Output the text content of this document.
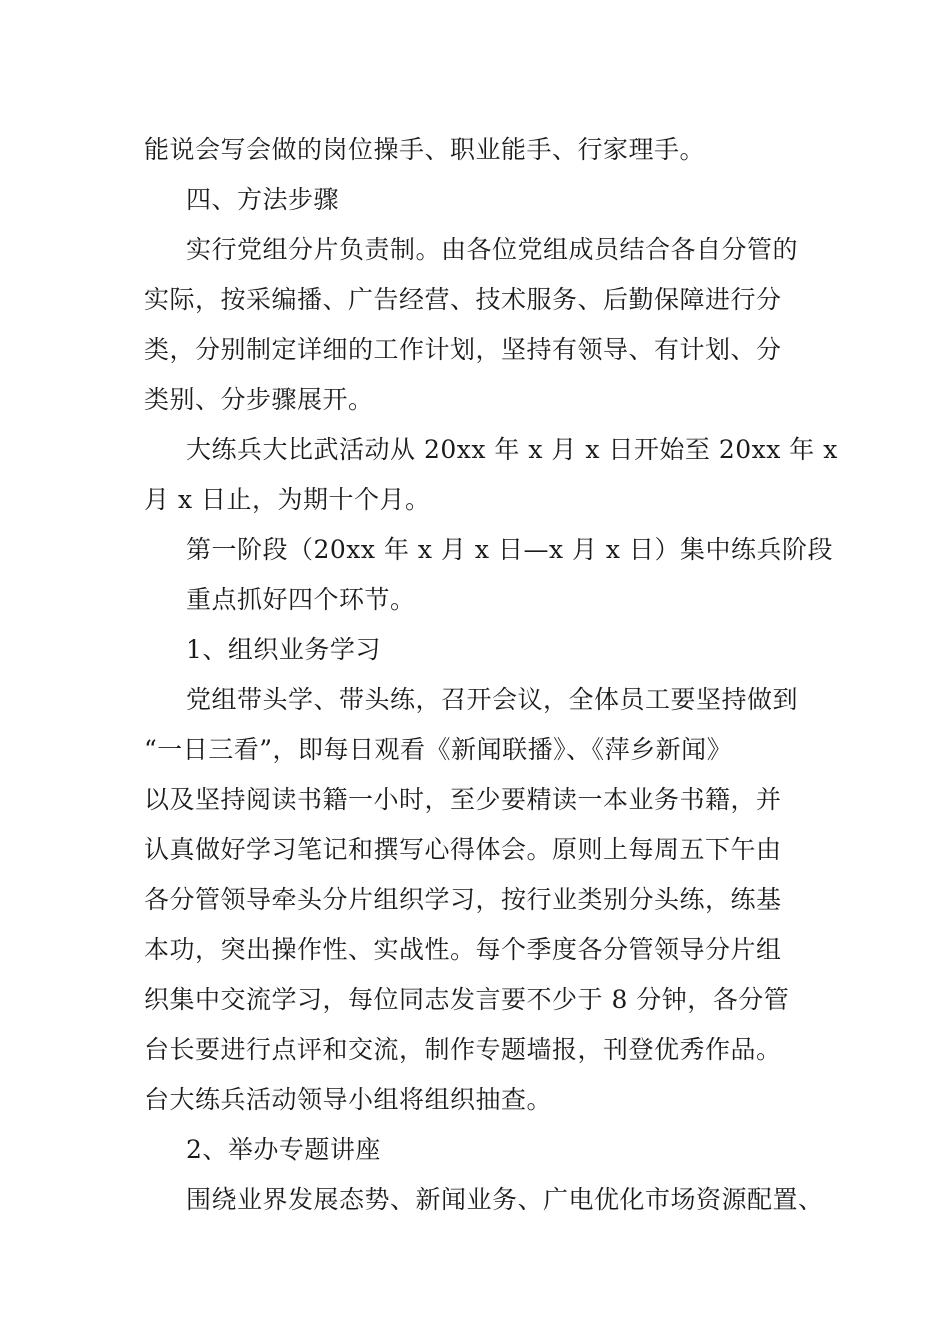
能说会写会做的岗位操手、职业能手、行家理手。
四、方法步骤
实行党组分片负责制。由各位党组成员结合各自分管的
实际，按采编播、广告经营、技术服务、后勤保障进行分
类，分别制定详细的工作计划，坚持有领导、有计划、分
类别、分步骤展开。
大练兵大比武活动从 20xx 年 x 月 x 日开始至 20xx 年 x
月 x 日止，为期十个月。
第一阶段（20xx 年 x 月 x 日—x 月 x 日）集中练兵阶段
重点抓好四个环节。
1、组织业务学习
党组带头学、带头练，召开会议，全体员工要坚持做到
“一日三看”，即每日观看《新闻联播》、《萍乡新闻》
以及坚持阅读书籍一小时，至少要精读一本业务书籍，并
认真做好学习笔记和撰写心得体会。原则上每周五下午由
各分管领导牵头分片组织学习，按行业类别分头练，练基
本功，突出操作性、实战性。每个季度各分管领导分片组
织集中交流学习，每位同志发言要不少于 8 分钟，各分管
台长要进行点评和交流，制作专题墙报，刊登优秀作品。
台大练兵活动领导小组将组织抽查。
2、举办专题讲座
围绕业界发展态势、新闻业务、广电优化市场资源配置、
